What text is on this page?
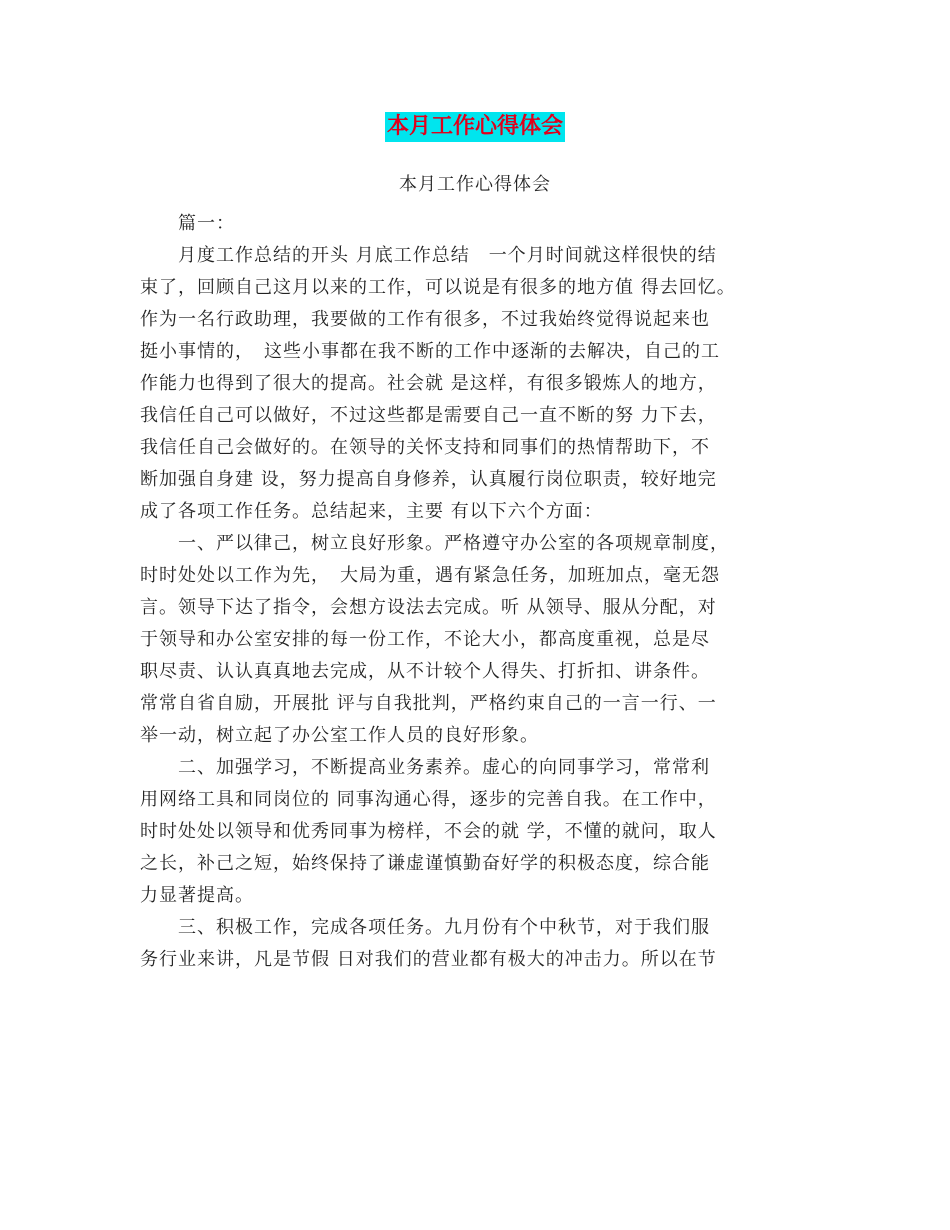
本月工作心得体会
本月工作心得体会
　　篇一：
　　月度工作总结的开头 月底工作总结　一个月时间就这样很快的结
束了，回顾自己这月以来的工作，可以说是有很多的地方值 得去回忆。
作为一名行政助理，我要做的工作有很多，不过我始终觉得说起来也
挺小事情的，　这些小事都在我不断的工作中逐渐的去解决，自己的工
作能力也得到了很大的提高。社会就 是这样，有很多锻炼人的地方，
我信任自己可以做好，不过这些都是需要自己一直不断的努 力下去，
我信任自己会做好的。在领导的关怀支持和同事们的热情帮助下，不
断加强自身建 设，努力提高自身修养，认真履行岗位职责，较好地完
成了各项工作任务。总结起来，主要 有以下六个方面：
　　一、严以律己，树立良好形象。严格遵守办公室的各项规章制度，
时时处处以工作为先，　大局为重，遇有紧急任务，加班加点，毫无怨
言。领导下达了指令，会想方设法去完成。听 从领导、服从分配，对
于领导和办公室安排的每一份工作，不论大小，都高度重视，总是尽
职尽责、认认真真地去完成，从不计较个人得失、打折扣、讲条件。
常常自省自励，开展批 评与自我批判，严格约束自己的一言一行、一
举一动，树立起了办公室工作人员的良好形象。
　　二、加强学习，不断提高业务素养。虚心的向同事学习，常常利
用网络工具和同岗位的 同事沟通心得，逐步的完善自我。在工作中，
时时处处以领导和优秀同事为榜样，不会的就 学，不懂的就问，取人
之长，补己之短，始终保持了谦虚谨慎勤奋好学的积极态度，综合能
力显著提高。
　　三、积极工作，完成各项任务。九月份有个中秋节，对于我们服
务行业来讲，凡是节假 日对我们的营业都有极大的冲击力。所以在节
